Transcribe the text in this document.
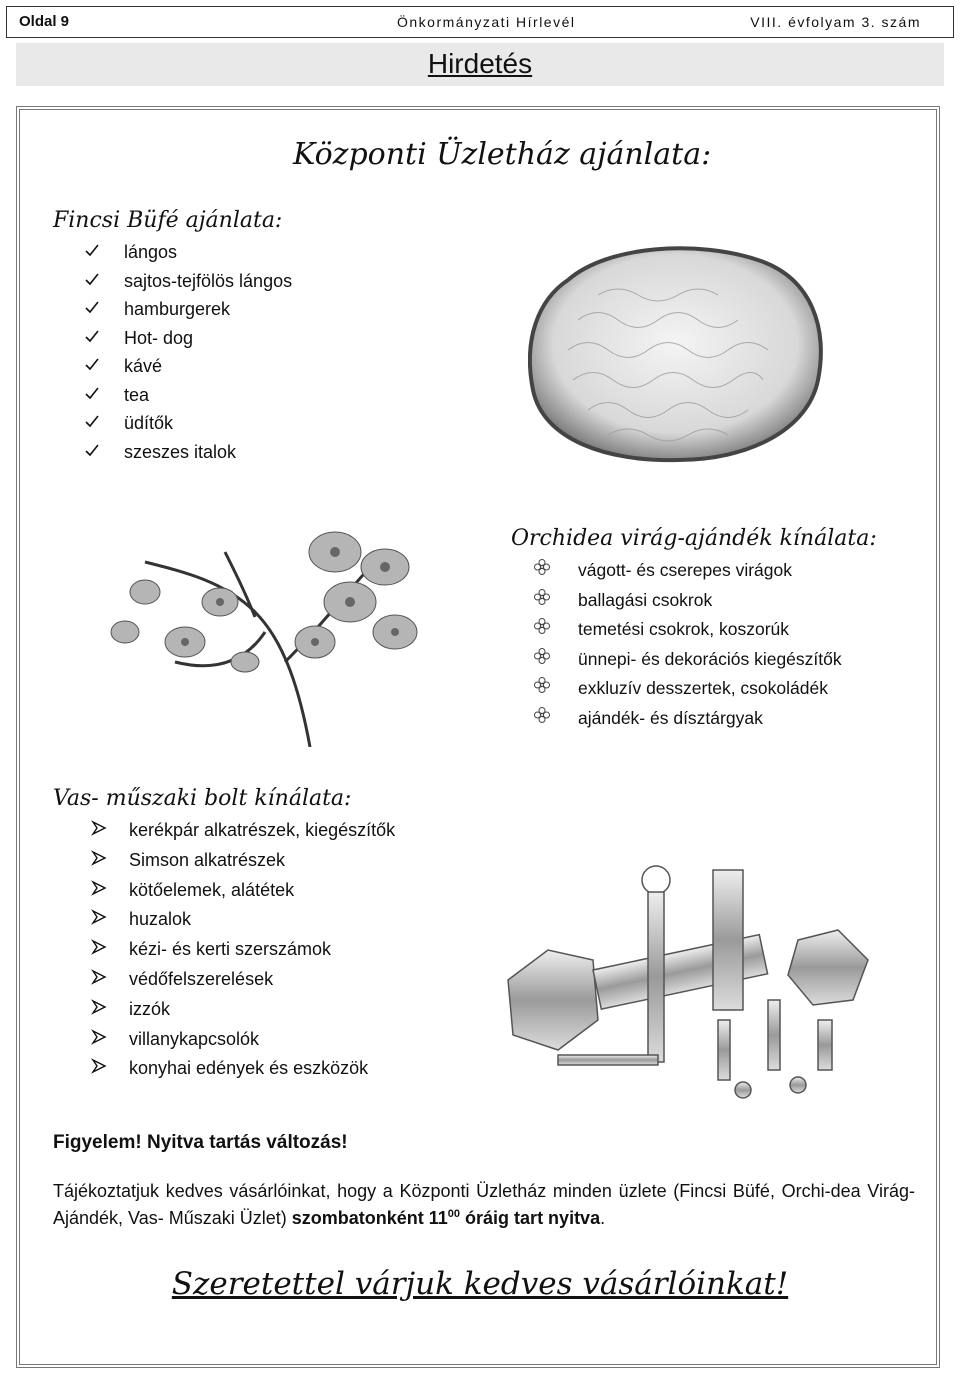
Oldal 9	Önkormányzati Hírlevél	VIII. évfolyam 3. szám
Hirdetés
Központi Üzletház ajánlata:
Fincsi Büfé ajánlata:
lángos
sajtos-tejfölös lángos
hamburgerek
Hot- dog
kávé
tea
üdítők
szeszes italok
Orchidea virág-ajándék kínálata:
vágott- és cserepes virágok
ballagási csokrok
temetési csokrok, koszorúk
ünnepi- és dekorációs kiegészítők
exkluzív desszertek, csokoládék
ajándék- és dísztárgyak
Vas- műszaki bolt kínálata:
kerékpár alkatrészek, kiegészítők
Simson alkatrészek
kötőelemek, alátétek
huzalok
kézi- és kerti szerszámok
védőfelszerelések
izzók
villanykapcsolók
konyhai edények és eszközök
Figyelem! Nyitva tartás változás!
Tájékoztatjuk kedves vásárlóinkat, hogy a Központi Üzletház minden üzlete (Fincsi Büfé, Orchi-dea Virág- Ajándék, Vas- Műszaki Üzlet) szombatonként $11^{00}$ óráig tart nyitva.
Szeretettel várjuk kedves vásárlóinkat!
